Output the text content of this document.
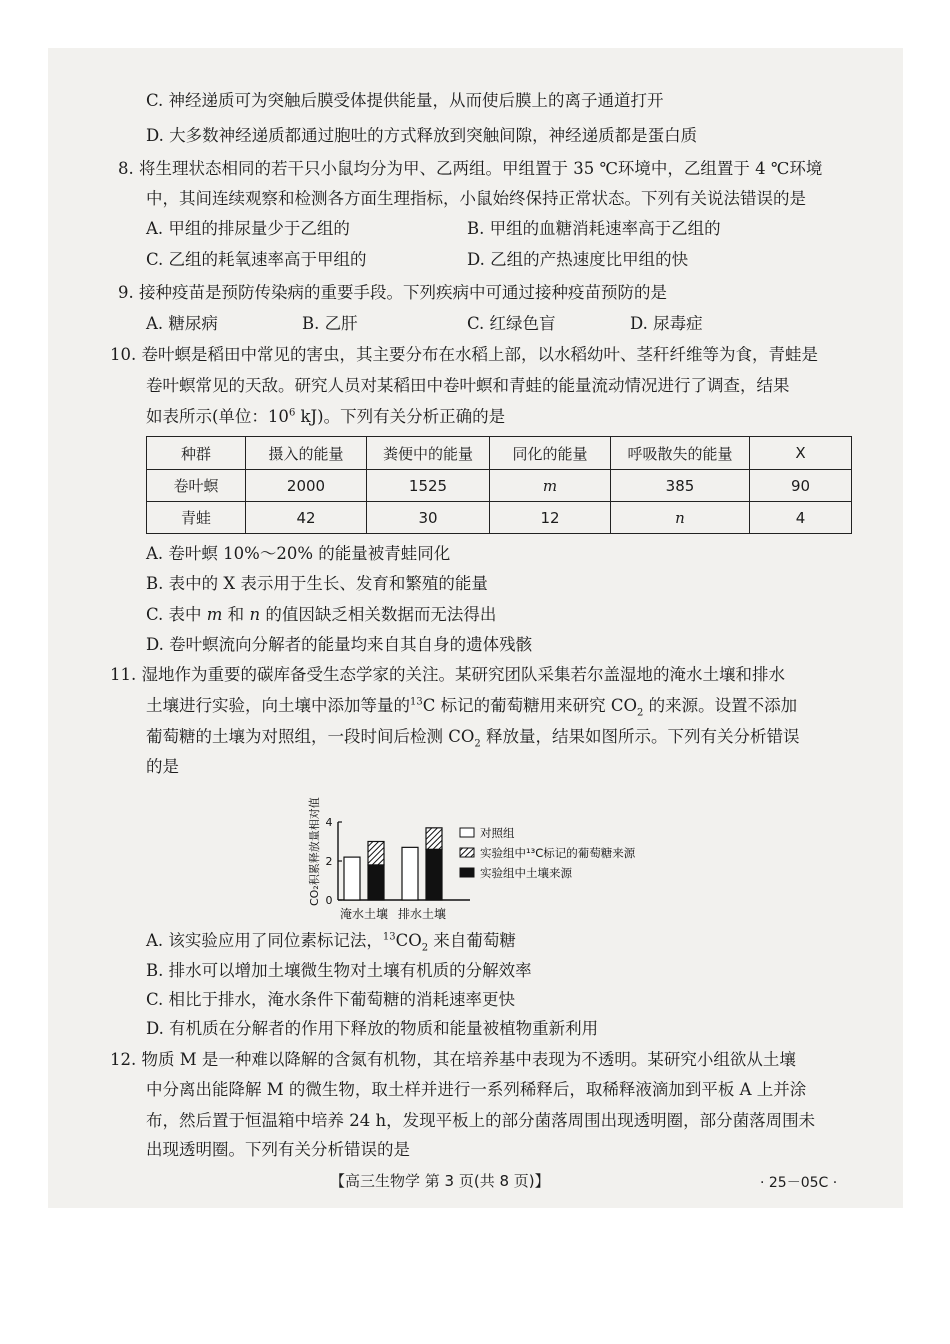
C. 神经递质可为突触后膜受体提供能量，从而使后膜上的离子通道打开
D. 大多数神经递质都通过胞吐的方式释放到突触间隙，神经递质都是蛋白质
8. 将生理状态相同的若干只小鼠均分为甲、乙两组。甲组置于 35 ℃环境中，乙组置于 4 ℃环境
中，其间连续观察和检测各方面生理指标，小鼠始终保持正常状态。下列有关说法错误的是
A. 甲组的排尿量少于乙组的	B. 甲组的血糖消耗速率高于乙组的
C. 乙组的耗氧速率高于甲组的	D. 乙组的产热速度比甲组的快
9. 接种疫苗是预防传染病的重要手段。下列疾病中可通过接种疫苗预防的是
A. 糖尿病	B. 乙肝	C. 红绿色盲	D. 尿毒症
10. 卷叶螟是稻田中常见的害虫，其主要分布在水稻上部，以水稻幼叶、茎秆纤维等为食，青蛙是
卷叶螟常见的天敌。研究人员对某稻田中卷叶螟和青蛙的能量流动情况进行了调查，结果
如表所示(单位：$10^6$ kJ)。下列有关分析正确的是
种群	摄入的能量	粪便中的能量	同化的能量	呼吸散失的能量	X
卷叶螟	2000	1525	m	385	90
青蛙	42	30	12	n	4
A. 卷叶螟 10%～20% 的能量被青蛙同化
B. 表中的 X 表示用于生长、发育和繁殖的能量
C. 表中 m 和 n 的值因缺乏相关数据而无法得出
D. 卷叶螟流向分解者的能量均来自其自身的遗体残骸
11. 湿地作为重要的碳库备受生态学家的关注。某研究团队采集若尔盖湿地的淹水土壤和排水
土壤进行实验，向土壤中添加等量的$^{13}$C 标记的葡萄糖用来研究 $CO_2$ 的来源。设置不添加
葡萄糖的土壤为对照组，一段时间后检测 $CO_2$ 释放量，结果如图所示。下列有关分析错误
的是
CO₂积累释放量相对值 0
2
4
淹水土壤 排水土壤
对照组
实验组中¹³C标记的葡萄糖来源
实验组中土壤来源
A. 该实验应用了同位素标记法，$^{13}CO_2$ 来自葡萄糖
B. 排水可以增加土壤微生物对土壤有机质的分解效率
C. 相比于排水，淹水条件下葡萄糖的消耗速率更快
D. 有机质在分解者的作用下释放的物质和能量被植物重新利用
12. 物质 M 是一种难以降解的含氮有机物，其在培养基中表现为不透明。某研究小组欲从土壤
中分离出能降解 M 的微生物，取土样并进行一系列稀释后，取稀释液滴加到平板 A 上并涂
布，然后置于恒温箱中培养 24 h，发现平板上的部分菌落周围出现透明圈，部分菌落周围未
出现透明圈。下列有关分析错误的是
【高三生物学 第 3 页(共 8 页)】	· 25－05C ·
